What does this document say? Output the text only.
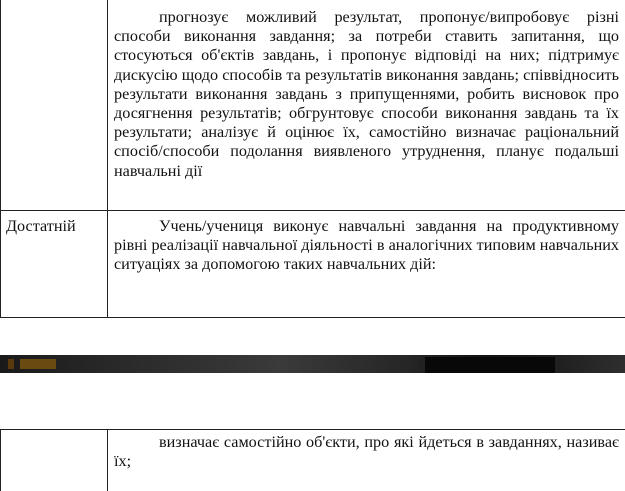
прогнозує можливий результат, пропонує/випробовує різні способи виконання завдання; за потреби ставить запитання, що стосуються об'єктів завдань, і пропонує відповіді на них; підтримує дискусію щодо способів та результатів виконання завдань; співвідносить результати виконання завдань з припущеннями, робить висновок про досягнення результатів; обгрунтовує способи виконання завдань та їх результати; аналізує й оцінює їх, самостійно визначає раціональний спосіб/способи подолання виявленого утруднення, планує подальші навчальні дії

Достатній	Учень/учениця виконує навчальні завдання на продуктивному рівні реалізації навчальної діяльності в аналогічних типовим навчальних ситуаціях за допомогою таких навчальних дій:

визначає самостійно об'єкти, про які йдеться в завданнях, називає їх;
